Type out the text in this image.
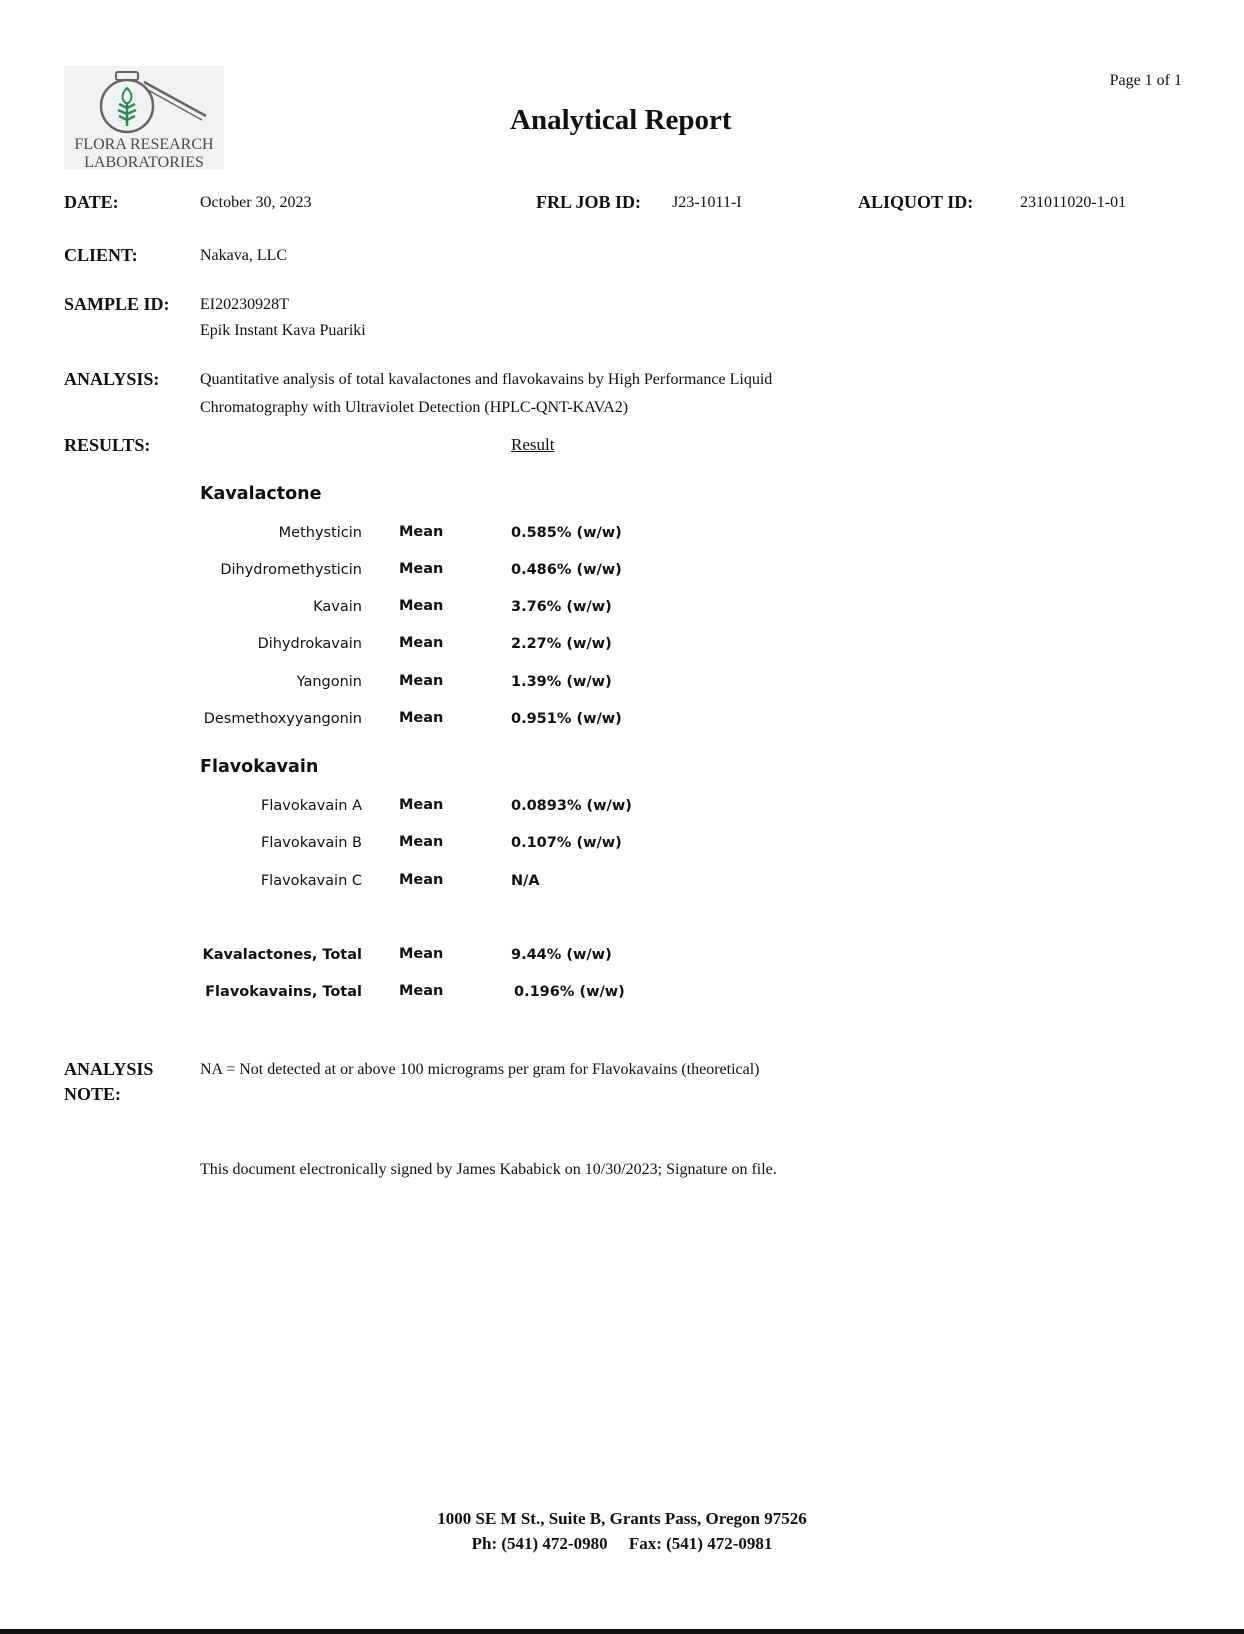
FLORA RESEARCH
LABORATORIES
Page 1 of 1
Analytical Report
DATE:	October 30, 2023	FRL JOB ID: J23-1011-I	ALIQUOT ID:	231011020-1-01
CLIENT:	Nakava, LLC
SAMPLE ID: EI20230928T
Epik Instant Kava Puariki
ANALYSIS:	Quantitative analysis of total kavalactones and flavokavains by High Performance Liquid
Chromatography with Ultraviolet Detection (HPLC-QNT-KAVA2)
RESULTS:	Result
Kavalactone
Methysticin	Mean	0.585% (w/w)
Dihydromethysticin	Mean	0.486% (w/w)
Kavain	Mean	3.76% (w/w)
Dihydrokavain	Mean	2.27% (w/w)
Yangonin	Mean	1.39% (w/w)
Desmethoxyyangonin	Mean	0.951% (w/w)
Flavokavain
Flavokavain A	Mean	0.0893% (w/w)
Flavokavain B	Mean	0.107% (w/w)
Flavokavain C	Mean	N/A
Kavalactones, Total	Mean	9.44% (w/w)
Flavokavains, Total	Mean	0.196% (w/w)
ANALYSIS
NOTE:
NA = Not detected at or above 100 micrograms per gram for Flavokavains (theoretical)
This document electronically signed by James Kababick on 10/30/2023; Signature on file.
1000 SE M St., Suite B, Grants Pass, Oregon 97526
Ph: (541) 472-0980     Fax: (541) 472-0981
